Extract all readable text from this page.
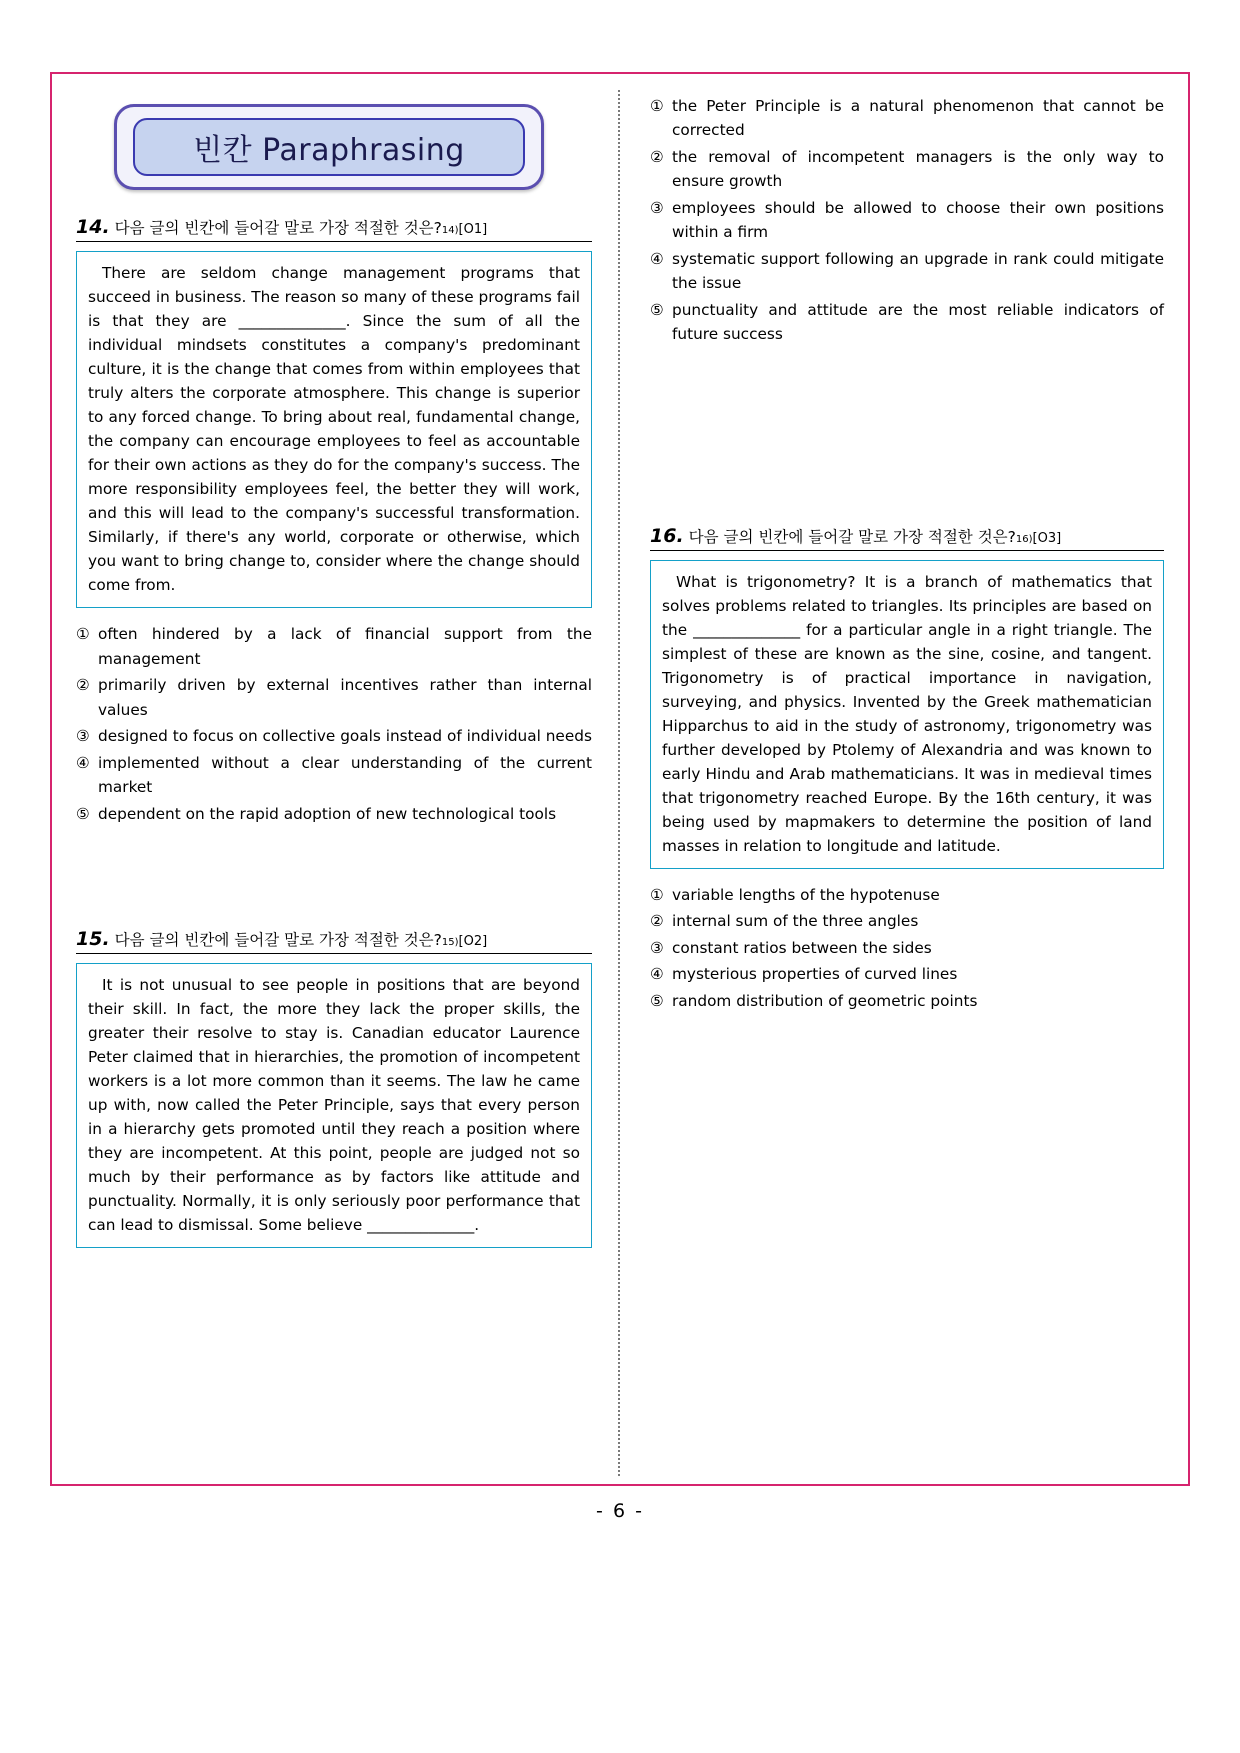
빈칸 Paraphrasing
14. 다음 글의 빈칸에 들어갈 말로 가장 적절한 것은? 14) [O1]

There are seldom change management programs that succeed in business. The reason so many of these programs fail is that they are ______________. Since the sum of all the individual mindsets constitutes a company's predominant culture, it is the change that comes from within employees that truly alters the corporate atmosphere. This change is superior to any forced change. To bring about real, fundamental change, the company can encourage employees to feel as accountable for their own actions as they do for the company's success. The more responsibility employees feel, the better they will work, and this will lead to the company's successful transformation. Similarly, if there's any world, corporate or otherwise, which you want to bring change to, consider where the change should come from.

① often hindered by a lack of financial support from the management
② primarily driven by external incentives rather than internal values
③ designed to focus on collective goals instead of individual needs
④ implemented without a clear understanding of the current market
⑤ dependent on the rapid adoption of new technological tools
15. 다음 글의 빈칸에 들어갈 말로 가장 적절한 것은? 15) [O2]

It is not unusual to see people in positions that are beyond their skill. In fact, the more they lack the proper skills, the greater their resolve to stay is. Canadian educator Laurence Peter claimed that in hierarchies, the promotion of incompetent workers is a lot more common than it seems. The law he came up with, now called the Peter Principle, says that every person in a hierarchy gets promoted until they reach a position where they are incompetent. At this point, people are judged not so much by their performance as by factors like attitude and punctuality. Normally, it is only seriously poor performance that can lead to dismissal. Some believe ______________.

① the Peter Principle is a natural phenomenon that cannot be corrected
② the removal of incompetent managers is the only way to ensure growth
③ employees should be allowed to choose their own positions within a firm
④ systematic support following an upgrade in rank could mitigate the issue
⑤ punctuality and attitude are the most reliable indicators of future success
16. 다음 글의 빈칸에 들어갈 말로 가장 적절한 것은? 16) [O3]

What is trigonometry? It is a branch of mathematics that solves problems related to triangles. Its principles are based on the ______________ for a particular angle in a right triangle. The simplest of these are known as the sine, cosine, and tangent. Trigonometry is of practical importance in navigation, surveying, and physics. Invented by the Greek mathematician Hipparchus to aid in the study of astronomy, trigonometry was further developed by Ptolemy of Alexandria and was known to early Hindu and Arab mathematicians. It was in medieval times that trigonometry reached Europe. By the 16th century, it was being used by mapmakers to determine the position of land masses in relation to longitude and latitude.

① variable lengths of the hypotenuse
② internal sum of the three angles
③ constant ratios between the sides
④ mysterious properties of curved lines
⑤ random distribution of geometric points
- 6 -
